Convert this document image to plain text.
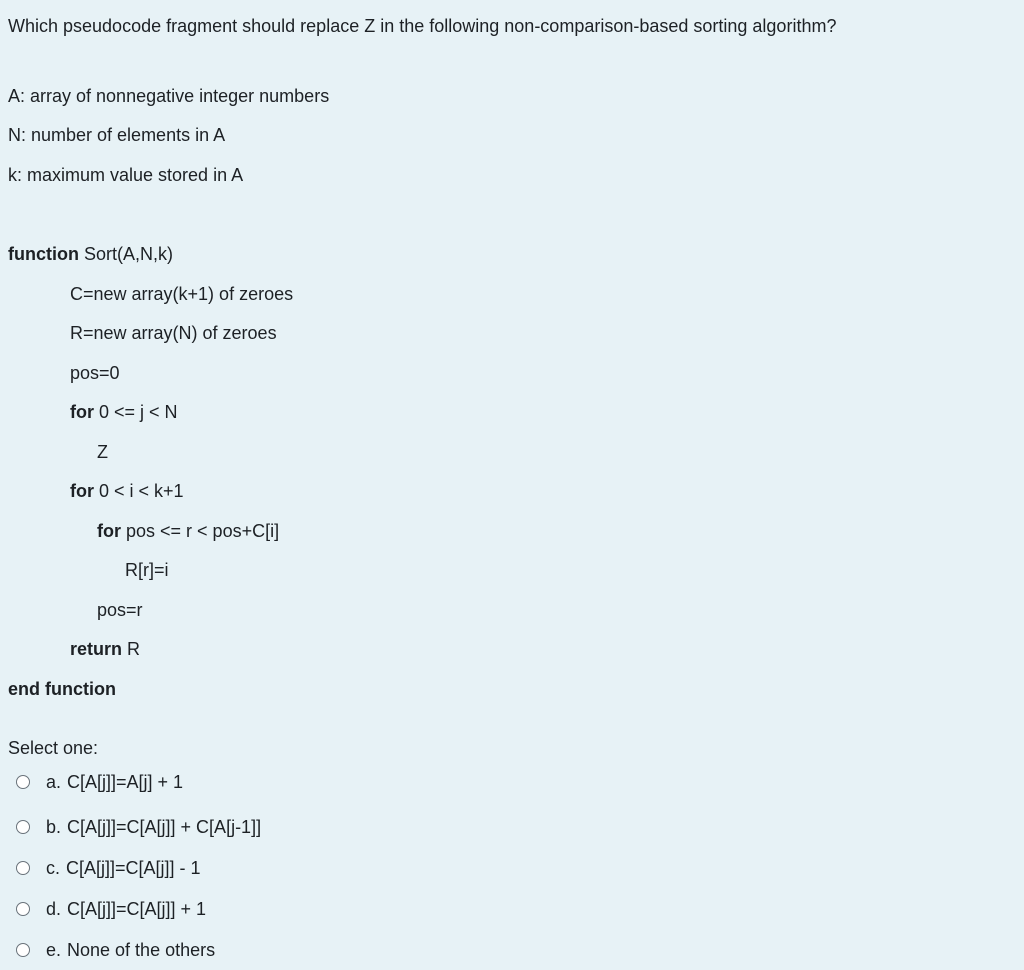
Which pseudocode fragment should replace Z in the following non-comparison-based sorting algorithm?
A: array of nonnegative integer numbers
N: number of elements in A
k: maximum value stored in A
function Sort(A,N,k)
C=new array(k+1) of zeroes
R=new array(N) of zeroes
pos=0
for 0 <= j < N
Z
for 0 < i < k+1
for pos <= r < pos+C[i]
R[r]=i
pos=r
return R
end function
Select one:
a. C[A[j]]=A[j] + 1
b. C[A[j]]=C[A[j]] + C[A[j-1]]
c. C[A[j]]=C[A[j]] - 1
d. C[A[j]]=C[A[j]] + 1
e. None of the others
